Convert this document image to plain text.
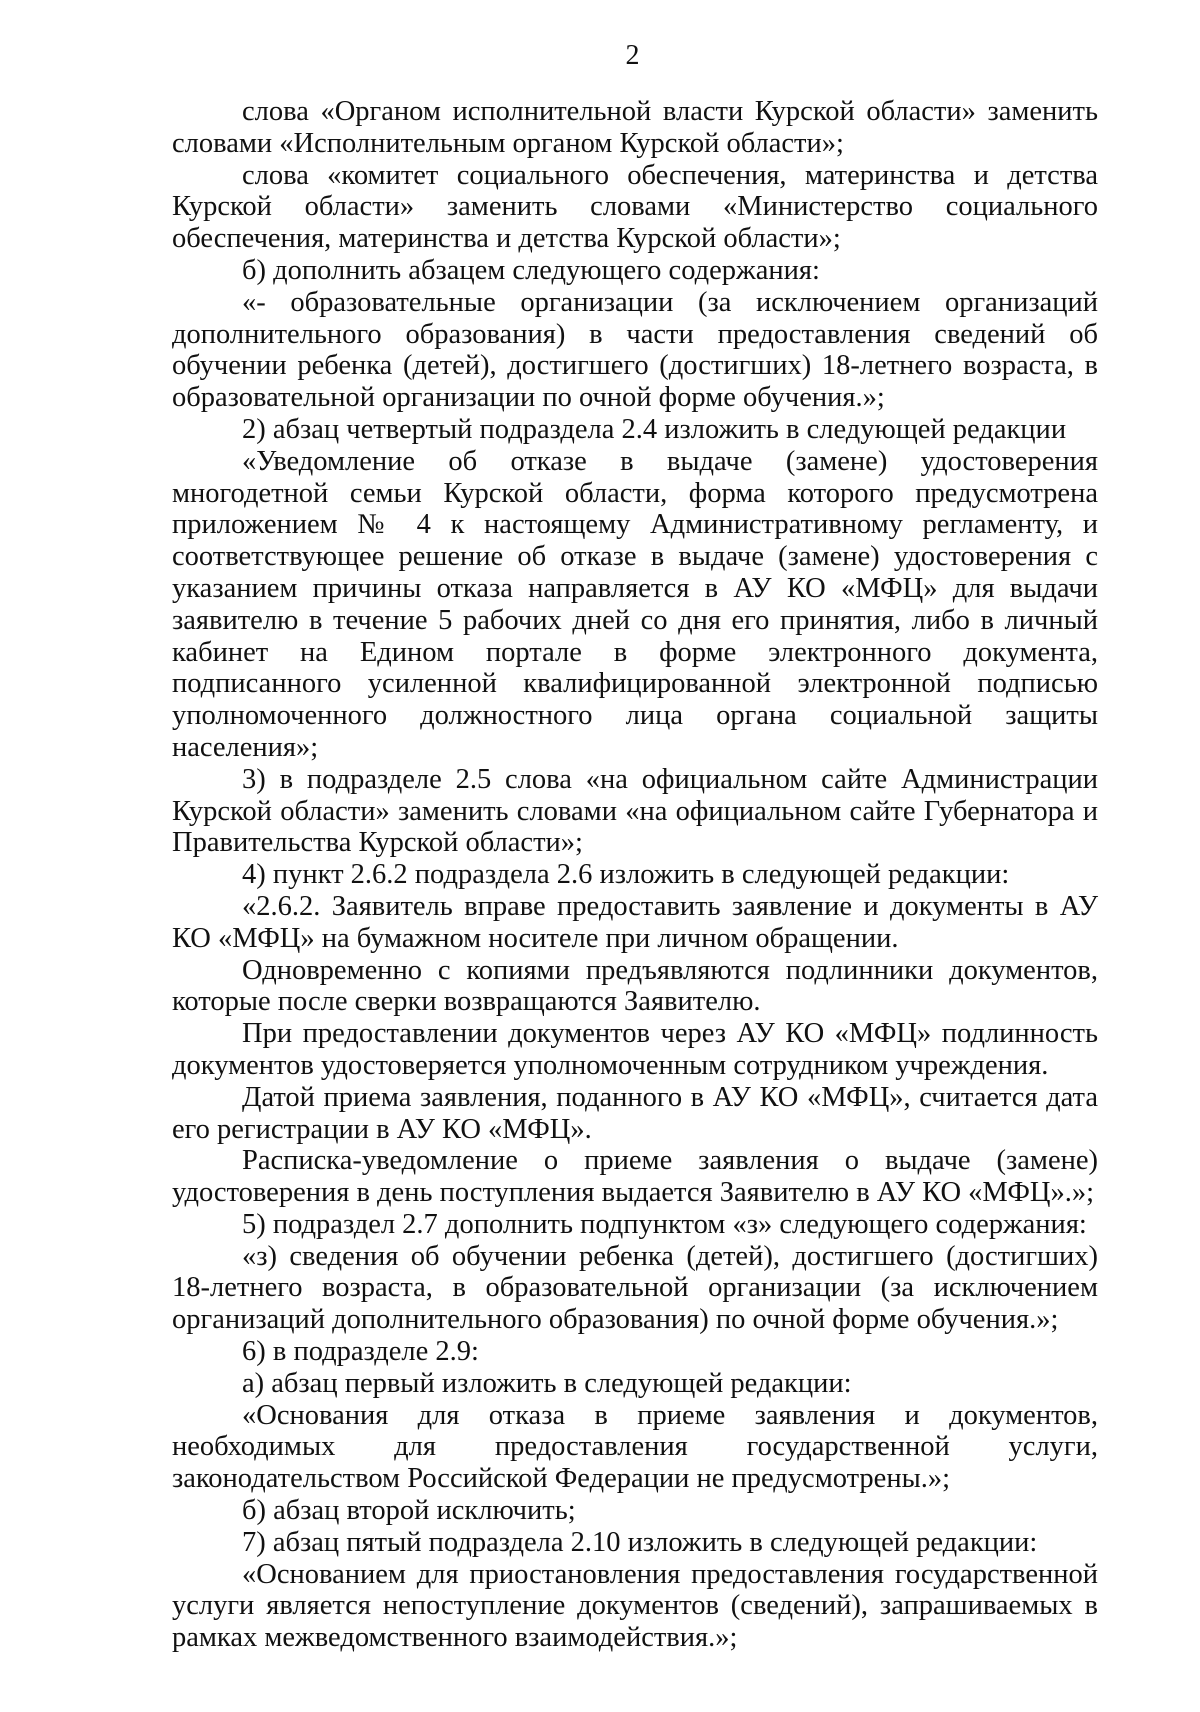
2

слова «Органом исполнительной власти Курской области» заменить словами «Исполнительным органом Курской области»;

слова «комитет социального обеспечения, материнства и детства Курской области» заменить словами «Министерство социального обеспечения, материнства и детства Курской области»;

б) дополнить абзацем следующего содержания:

«- образовательные организации (за исключением организаций дополнительного образования) в части предоставления сведений об обучении ребенка (детей), достигшего (достигших) 18-летнего возраста, в образовательной организации по очной форме обучения.»;

2) абзац четвертый подраздела 2.4 изложить в следующей редакции

«Уведомление об отказе в выдаче (замене) удостоверения многодетной семьи Курской области, форма которого предусмотрена приложением № 4 к настоящему Административному регламенту, и соответствующее решение об отказе в выдаче (замене) удостоверения с указанием причины отказа направляется в АУ КО «МФЦ» для выдачи заявителю в течение 5 рабочих дней со дня его принятия, либо в личный кабинет на Едином портале в форме электронного документа, подписанного усиленной квалифицированной электронной подписью уполномоченного должностного лица органа социальной защиты населения»;

3) в подразделе 2.5 слова «на официальном сайте Администрации Курской области» заменить словами «на официальном сайте Губернатора и Правительства Курской области»;

4) пункт 2.6.2 подраздела 2.6 изложить в следующей редакции:

«2.6.2. Заявитель вправе предоставить заявление и документы в АУ КО «МФЦ» на бумажном носителе при личном обращении.

Одновременно с копиями предъявляются подлинники документов, которые после сверки возвращаются Заявителю.

При предоставлении документов через АУ КО «МФЦ» подлинность документов удостоверяется уполномоченным сотрудником учреждения.

Датой приема заявления, поданного в АУ КО «МФЦ», считается дата его регистрации в АУ КО «МФЦ».

Расписка-уведомление о приеме заявления о выдаче (замене) удостоверения в день поступления выдается Заявителю в АУ КО «МФЦ».»;

5) подраздел 2.7 дополнить подпунктом «з» следующего содержания:

«з) сведения об обучении ребенка (детей), достигшего (достигших) 18-летнего возраста, в образовательной организации (за исключением организаций дополнительного образования) по очной форме обучения.»;

6) в подразделе 2.9:

а) абзац первый изложить в следующей редакции:

«Основания для отказа в приеме заявления и документов, необходимых для предоставления государственной услуги, законодательством Российской Федерации не предусмотрены.»;

б) абзац второй исключить;

7) абзац пятый подраздела 2.10 изложить в следующей редакции:

«Основанием для приостановления предоставления государственной услуги является непоступление документов (сведений), запрашиваемых в рамках межведомственного взаимодействия.»;
